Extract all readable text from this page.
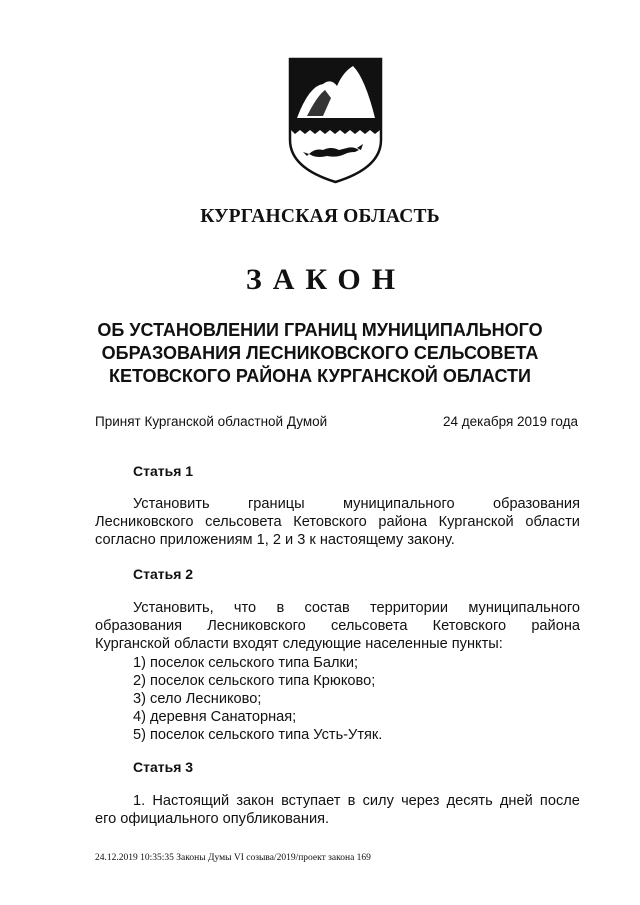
КУРГАНСКАЯ ОБЛАСТЬ
ЗАКОН
ОБ УСТАНОВЛЕНИИ ГРАНИЦ МУНИЦИПАЛЬНОГО
ОБРАЗОВАНИЯ ЛЕСНИКОВСКОГО СЕЛЬСОВЕТА
КЕТОВСКОГО РАЙОНА КУРГАНСКОЙ ОБЛАСТИ
Принят Курганской областной Думой	24 декабря 2019 года
Статья 1
Установить	границы	муниципального	образования
Лесниковского сельсовета Кетовского района Курганской области
согласно приложениям 1, 2 и 3 к настоящему закону.
Статья 2
Установить, что в состав территории муниципального
образования Лесниковского сельсовета Кетовского района
Курганской области входят следующие населенные пункты:
1) поселок сельского типа Балки;
2) поселок сельского типа Крюково;
3) село Лесниково;
4) деревня Санаторная;
5) поселок сельского типа Усть-Утяк.
Статья 3
1. Настоящий закон вступает в силу через десять дней после
его официального опубликования.
24.12.2019 10:35:35 Законы Думы VI созыва/2019/проект закона 169
